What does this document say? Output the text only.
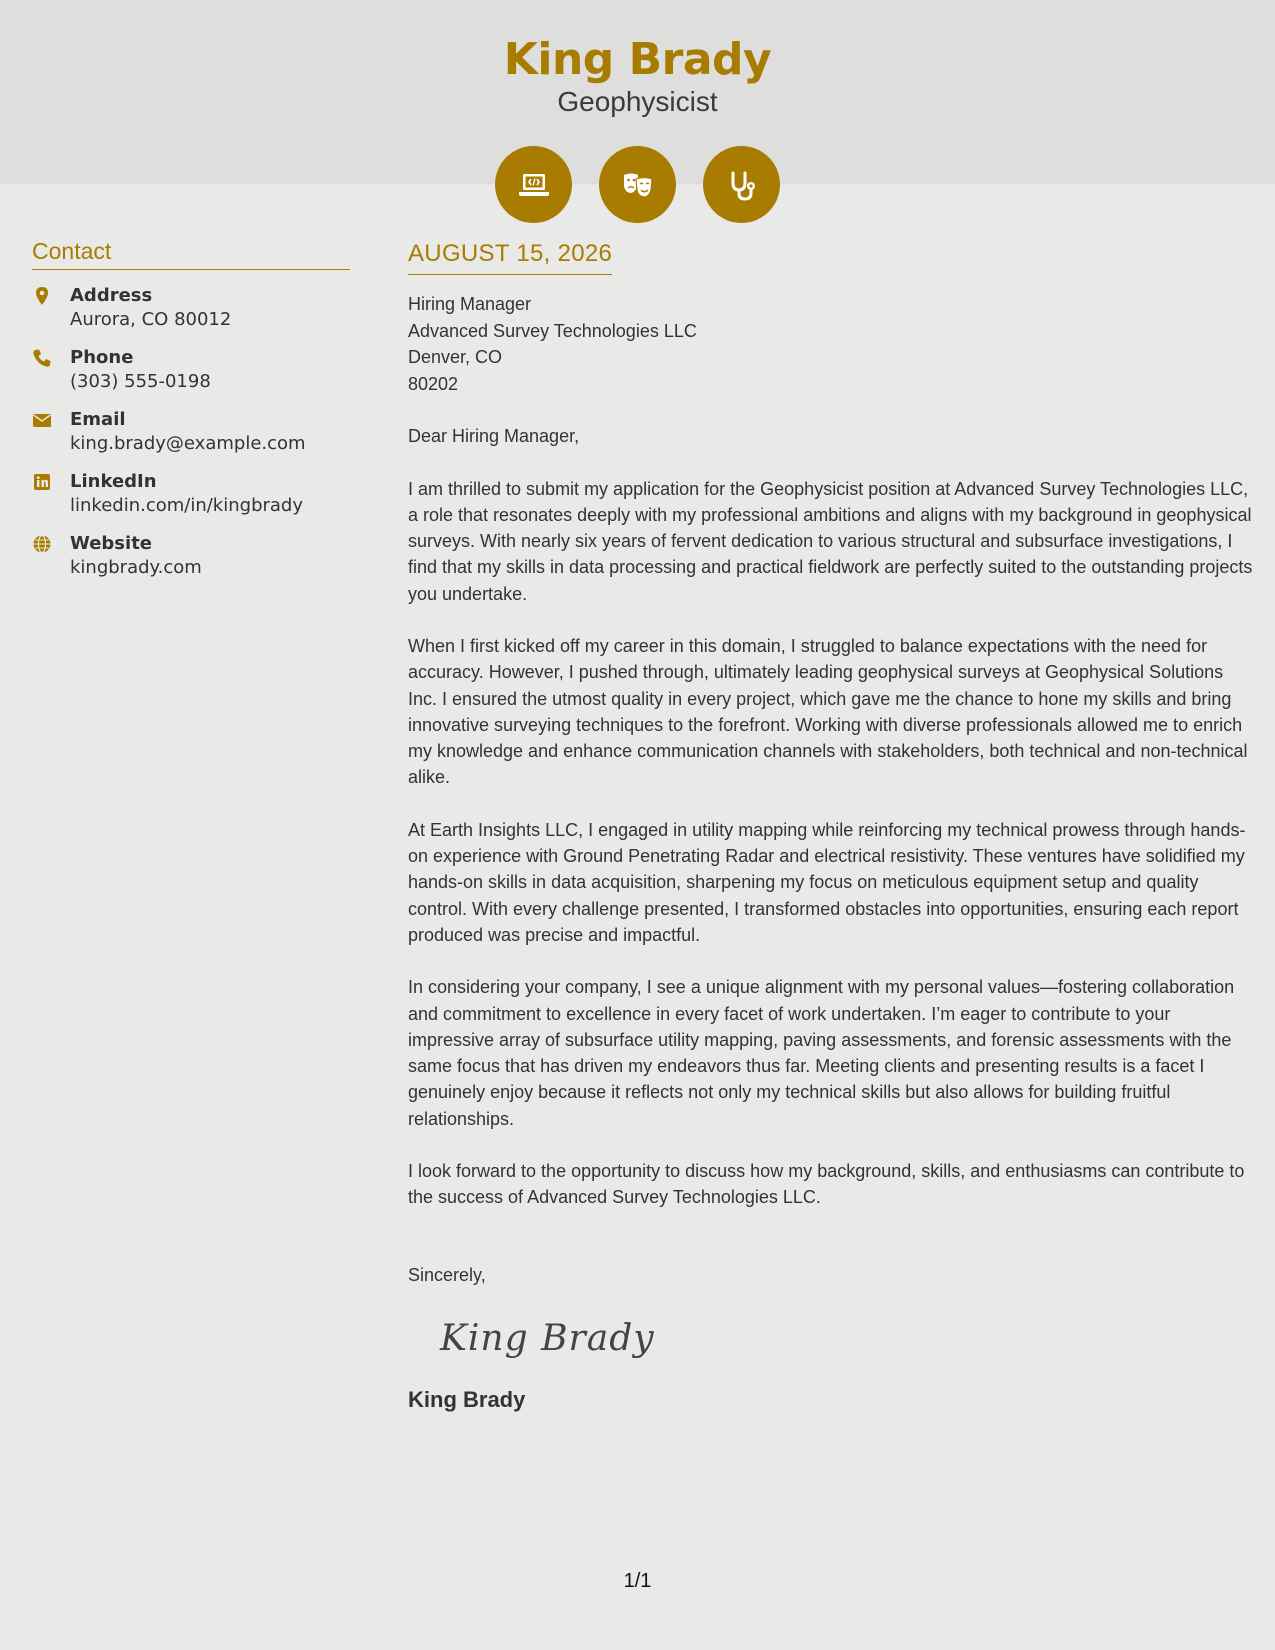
King Brady
Geophysicist
Contact
Address
Aurora, CO 80012
Phone
(303) 555-0198
Email
king.brady@example.com
LinkedIn
linkedin.com/in/kingbrady
Website
kingbrady.com
AUGUST 15, 2026
Hiring Manager
Advanced Survey Technologies LLC
Denver, CO
80202
Dear Hiring Manager,
I am thrilled to submit my application for the Geophysicist position at Advanced Survey Technologies LLC, a role that resonates deeply with my professional ambitions and aligns with my background in geophysical surveys. With nearly six years of fervent dedication to various structural and subsurface investigations, I find that my skills in data processing and practical fieldwork are perfectly suited to the outstanding projects you undertake.
When I first kicked off my career in this domain, I struggled to balance expectations with the need for accuracy. However, I pushed through, ultimately leading geophysical surveys at Geophysical Solutions Inc. I ensured the utmost quality in every project, which gave me the chance to hone my skills and bring innovative surveying techniques to the forefront. Working with diverse professionals allowed me to enrich my knowledge and enhance communication channels with stakeholders, both technical and non-technical alike.
At Earth Insights LLC, I engaged in utility mapping while reinforcing my technical prowess through hands-on experience with Ground Penetrating Radar and electrical resistivity. These ventures have solidified my hands-on skills in data acquisition, sharpening my focus on meticulous equipment setup and quality control. With every challenge presented, I transformed obstacles into opportunities, ensuring each report produced was precise and impactful.
In considering your company, I see a unique alignment with my personal values—fostering collaboration and commitment to excellence in every facet of work undertaken. I’m eager to contribute to your impressive array of subsurface utility mapping, paving assessments, and forensic assessments with the same focus that has driven my endeavors thus far. Meeting clients and presenting results is a facet I genuinely enjoy because it reflects not only my technical skills but also allows for building fruitful relationships.
I look forward to the opportunity to discuss how my background, skills, and enthusiasms can contribute to the success of Advanced Survey Technologies LLC.
Sincerely,
King Brady
King Brady
1/1
